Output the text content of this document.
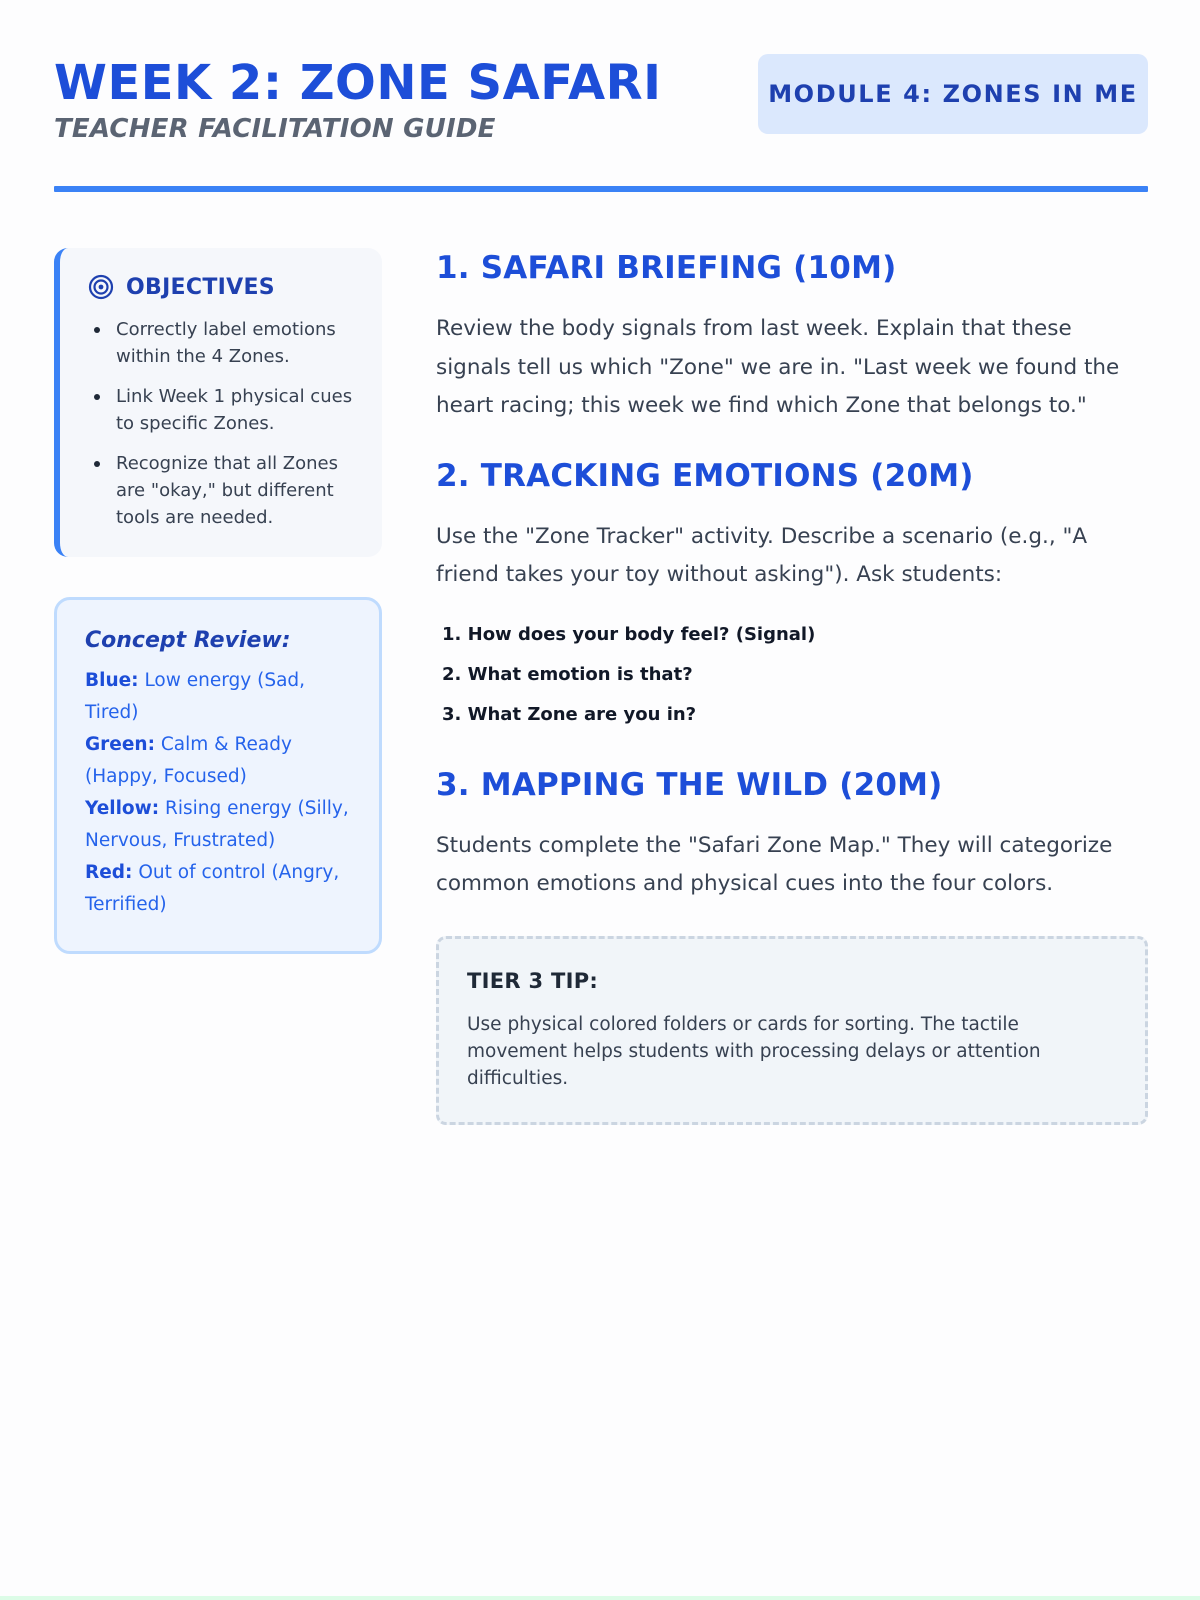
WEEK 2: ZONE SAFARI
TEACHER FACILITATION GUIDE
MODULE 4: ZONES IN ME
OBJECTIVES
Correctly label emotions within the 4 Zones.
Link Week 1 physical cues to specific Zones.
Recognize that all Zones are "okay," but different tools are needed.
Concept Review:
Blue: Low energy (Sad, Tired)
Green: Calm & Ready (Happy, Focused)
Yellow: Rising energy (Silly, Nervous, Frustrated)
Red: Out of control (Angry, Terrified)
1. SAFARI BRIEFING (10M)

Review the body signals from last week. Explain that these signals tell us which "Zone" we are in. "Last week we found the heart racing; this week we find which Zone that belongs to."

2. TRACKING EMOTIONS (20M)

Use the "Zone Tracker" activity. Describe a scenario (e.g., "A friend takes your toy without asking"). Ask students:

1. How does your body feel? (Signal)
2. What emotion is that?
3. What Zone are you in?
3. MAPPING THE WILD (20M)

Students complete the "Safari Zone Map." They will categorize common emotions and physical cues into the four colors.

TIER 3 TIP:
Use physical colored folders or cards for sorting. The tactile movement helps students with processing delays or attention difficulties.
